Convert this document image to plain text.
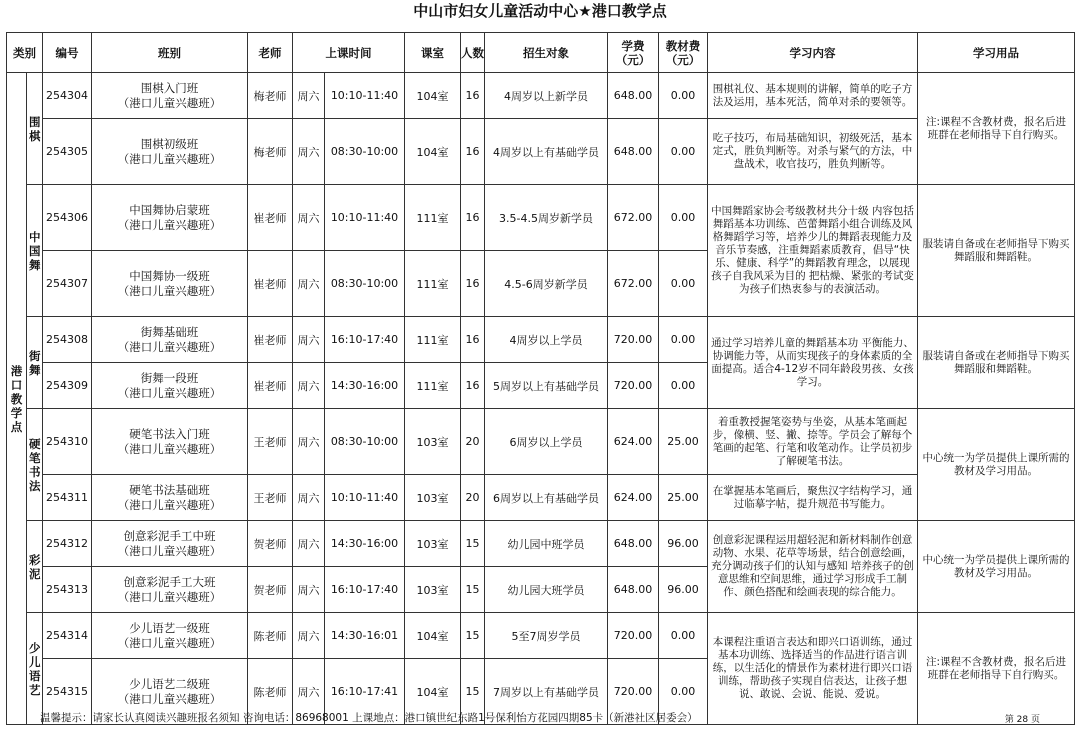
中山市妇女儿童活动中心★港口教学点
类别		编号	班别	老师	上课时间		课室	人数	招生对象	学费（元）	教材费（元）	学习内容	学习用品

港口教学点	围棋	254304	围棋入门班
（港口儿童兴趣班）	梅老师	周六	10:10-11:40	104室	16	4周岁以上新学员	648.00	0.00	围棋礼仪、基本规则的讲解，简单的吃子方法及运用，基本死活，简单对杀的要领等。	注:课程不含教材费，报名后进班群在老师指导下自行购买。
		254305	围棋初级班
（港口儿童兴趣班）	梅老师	周六	08:30-10:00	104室	16	4周岁以上有基础学员	648.00	0.00	吃子技巧，布局基础知识，初级死活，基本定式，胜负判断等。对杀与紧气的方法，中盘战术，收官技巧，胜负判断等。	

	中国舞	254306	中国舞协启蒙班
（港口儿童兴趣班）	崔老师	周六	10:10-11:40	111室	16	3.5-4.5周岁新学员	672.00	0.00	中国舞蹈家协会考级教材共分十级 内容包括舞蹈基本功训练、芭蕾舞蹈小组合训练及风格舞蹈学习等，培养少儿的舞蹈表现能力及音乐节奏感，注重舞蹈素质教育，倡导“快乐、健康、科学”的舞蹈教育理念，以展现孩子自我风采为目的 把枯燥、紧张的考试变为孩子们热衷参与的表演活动。	服装请自备或在老师指导下购买舞蹈服和舞蹈鞋。
		254307	中国舞协一级班
（港口儿童兴趣班）	崔老师	周六	08:30-10:00	111室	16	4.5-6周岁新学员	672.00	0.00		

	街舞	254308	街舞基础班
（港口儿童兴趣班）	崔老师	周六	16:10-17:40	111室	16	4周岁以上学员	720.00	0.00	通过学习培养儿童的舞蹈基本功 平衡能力、协调能力等，从而实现孩子的身体素质的全面提高。适合4-12岁不同年龄段男孩、女孩学习。	服装请自备或在老师指导下购买舞蹈服和舞蹈鞋。
		254309	街舞一段班
（港口儿童兴趣班）	崔老师	周六	14:30-16:00	111室	16	5周岁以上有基础学员	720.00	0.00		

	硬笔书法	254310	硬笔书法入门班
（港口儿童兴趣班）	王老师	周六	08:30-10:00	103室	20	6周岁以上学员	624.00	25.00	着重教授握笔姿势与坐姿，从基本笔画起步，像横、竖、撇、捺等。学员会了解每个笔画的起笔、行笔和收笔动作。让学员初步了解硬笔书法。	中心统一为学员提供上课所需的教材及学习用品。
		254311	硬笔书法基础班
（港口儿童兴趣班）	王老师	周六	10:10-11:40	103室	20	6周岁以上有基础学员	624.00	25.00	在掌握基本笔画后，聚焦汉字结构学习，通过临摹字帖，提升规范书写能力。	

	彩泥	254312	创意彩泥手工中班
（港口儿童兴趣班）	贺老师	周六	14:30-16:00	103室	15	幼儿园中班学员	648.00	96.00	创意彩泥课程运用超轻泥和新材料制作创意动物、水果、花草等场景，结合创意绘画，充分调动孩子们的认知与感知 培养孩子的创意思维和空间思维，通过学习形成手工制作、颜色搭配和绘画表现的综合能力。	中心统一为学员提供上课所需的教材及学习用品。
		254313	创意彩泥手工大班
（港口儿童兴趣班）	贺老师	周六	16:10-17:40	103室	15	幼儿园大班学员	648.00	96.00		

	少儿语艺	254314	少儿语艺一级班
（港口儿童兴趣班）	陈老师	周六	14:30-16:01	104室	15	5至7周岁学员	720.00	0.00	本课程注重语言表达和即兴口语训练，通过基本功训练、选择适当的作品进行语言训练，以生活化的情景作为素材进行即兴口语训练，帮助孩子实现自信表达，让孩子想说、敢说、会说、能说、爱说。	注:课程不含教材费，报名后进班群在老师指导下自行购买。
		254315	少儿语艺二级班
（港口儿童兴趣班）	陈老师	周六	16:10-17:41	104室	15	7周岁以上有基础学员	720.00	0.00		
温馨提示：请家长认真阅读兴趣班报名须知 咨询电话：86968001 上课地点：港口镇世纪东路1号保利怡方花园四期85卡（新港社区居委会）	第 28 页
